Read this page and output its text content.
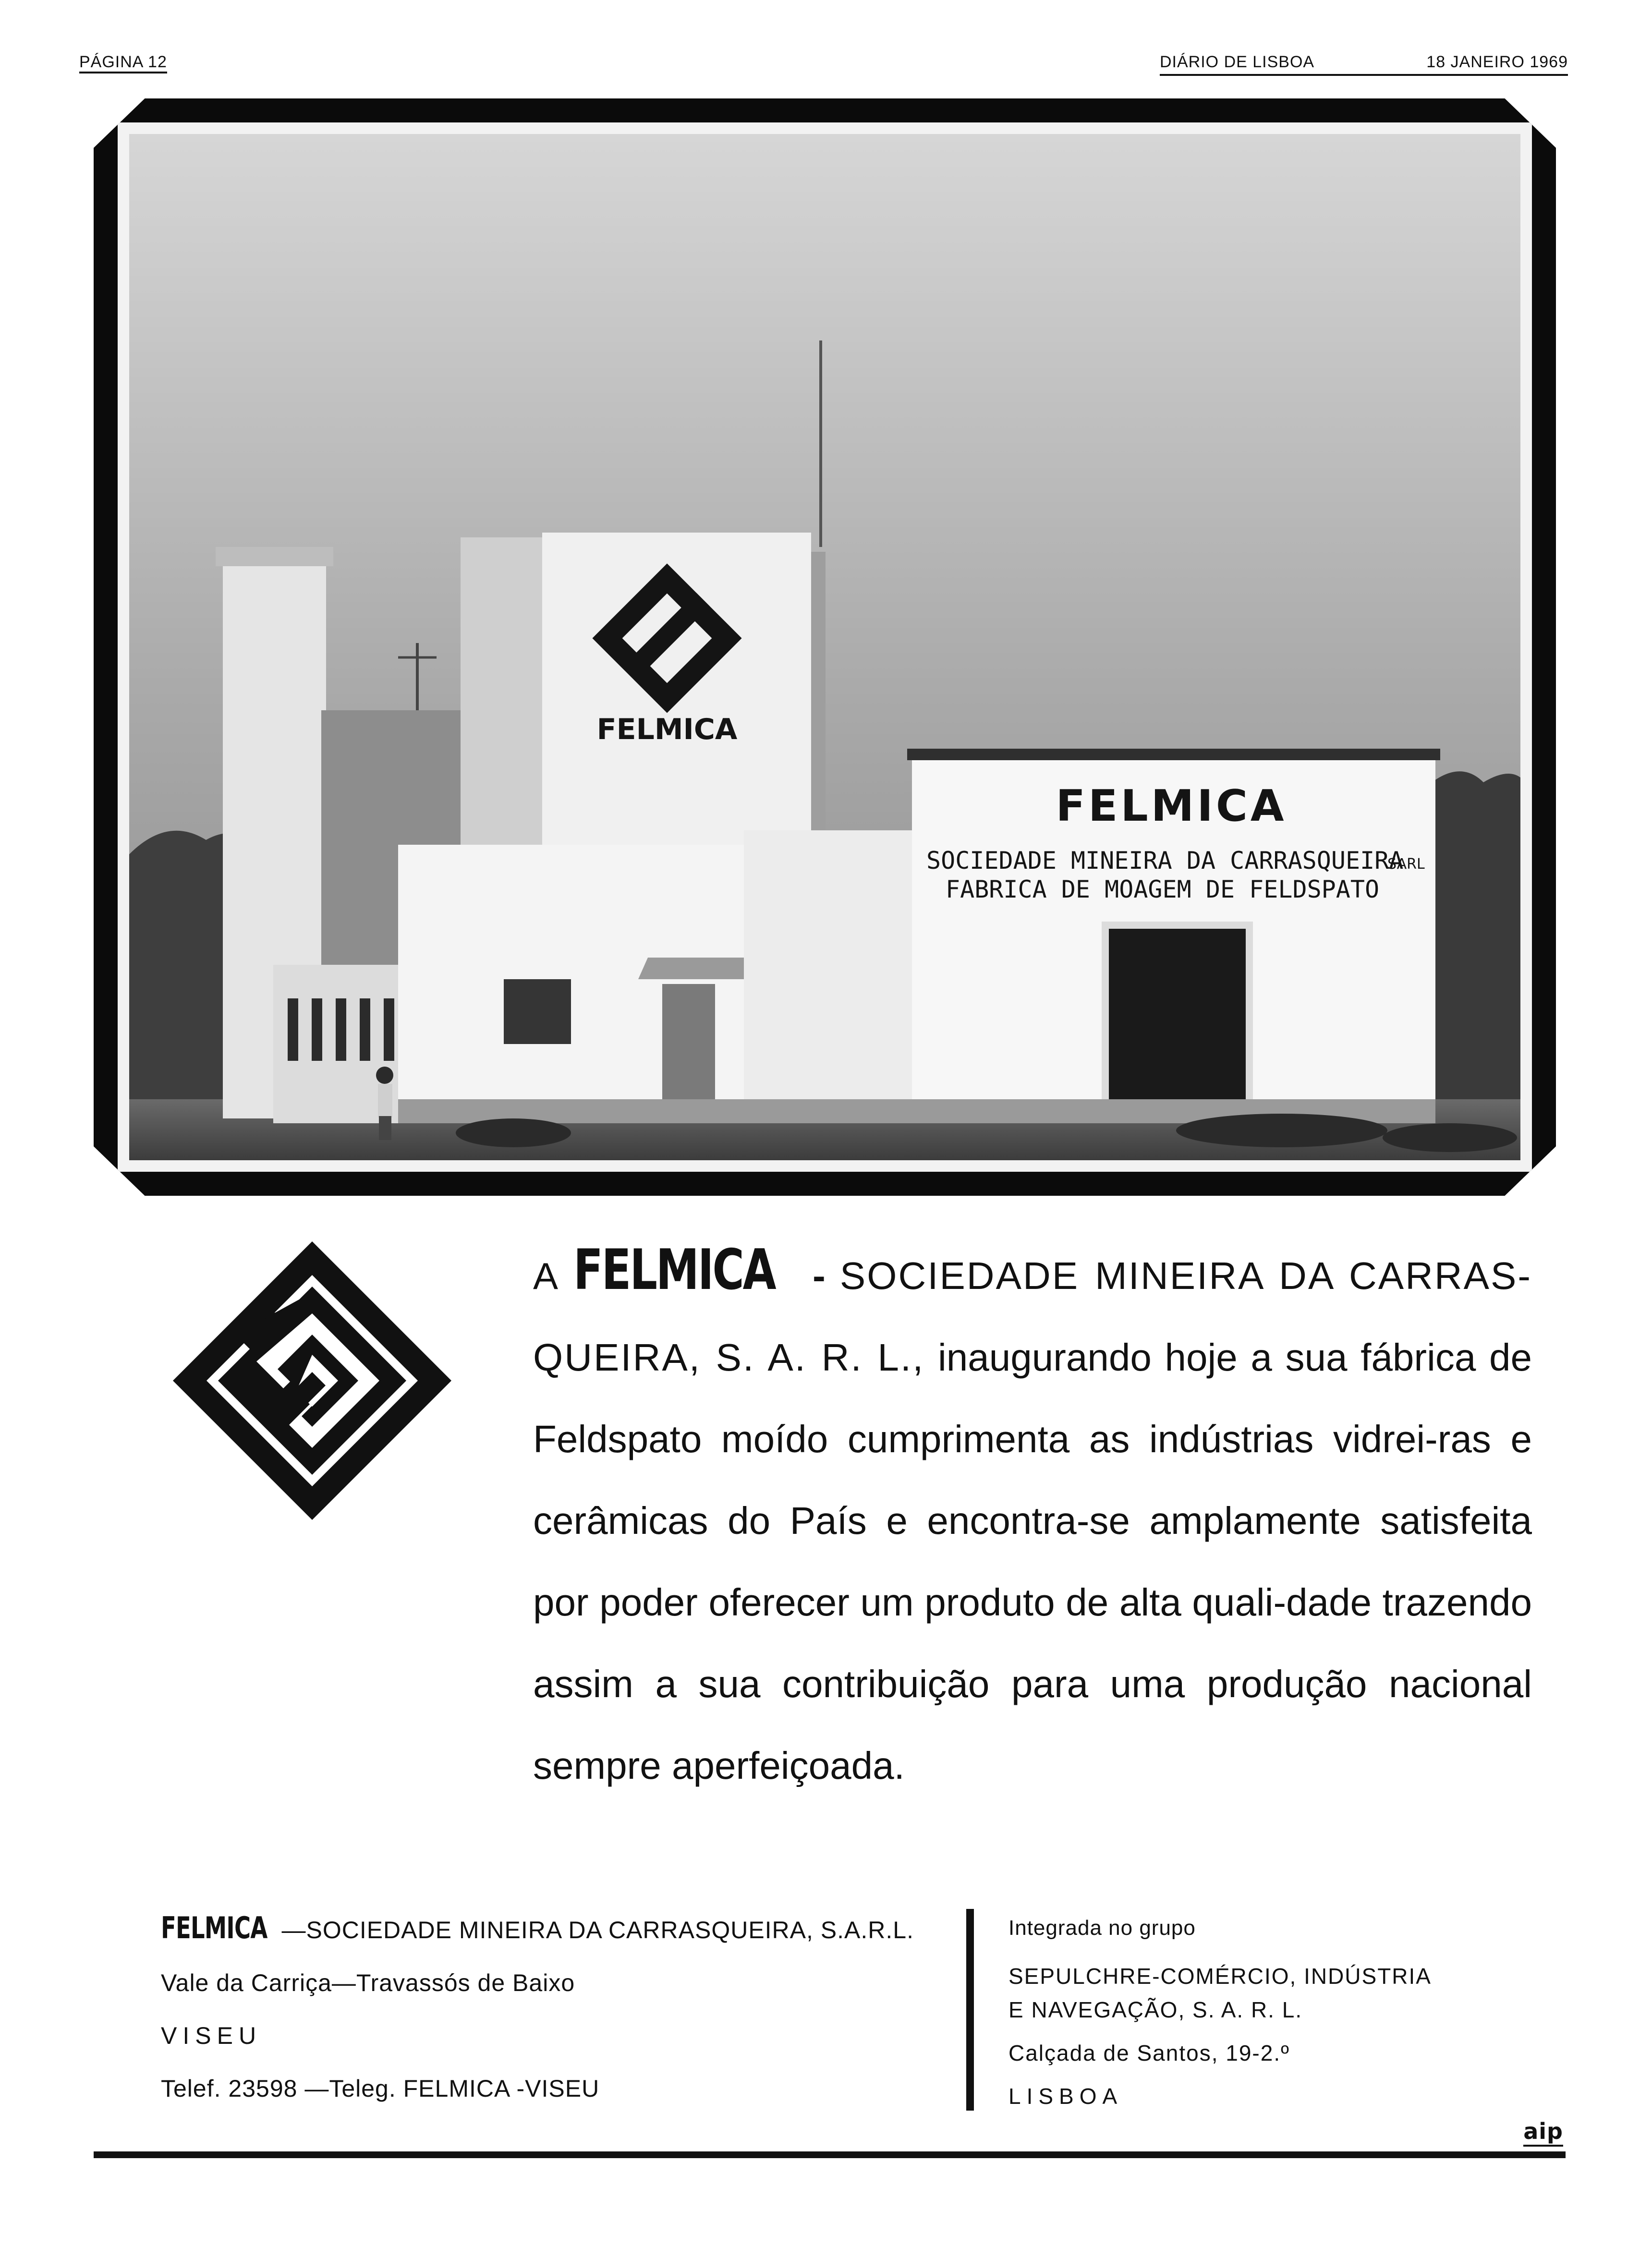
PÁGINA 12	DIÁRIO DE LISBOA	18 JANEIRO 1969
FELMICA
FELMICA
SOCIEDADE MINEIRA DA CARRASQUEIRA
SARL
FABRICA DE MOAGEM DE FELDSPATO
A FELMICA - SOCIEDADE MINEIRA DA CARRAS-QUEIRA, S. A. R. L., inaugurando hoje a sua fábrica de Feldspato moído cumprimenta as indústrias vidrei-ras e cerâmicas do País e encontra-se amplamente satisfeita por poder oferecer um produto de alta quali-dade trazendo assim a sua contribuição para uma produção nacional sempre aperfeiçoada.
FELMICA —SOCIEDADE MINEIRA DA CARRASQUEIRA, S.A.R.L.
Vale da Carriça—Travassós de Baixo
VISEU
Telef. 23598 —Teleg. FELMICA -VISEU
Integrada no grupo
SEPULCHRE-COMÉRCIO, INDÚSTRIA
E NAVEGAÇÃO, S. A. R. L.
Calçada de Santos, 19-2.º
LISBOA
aip
